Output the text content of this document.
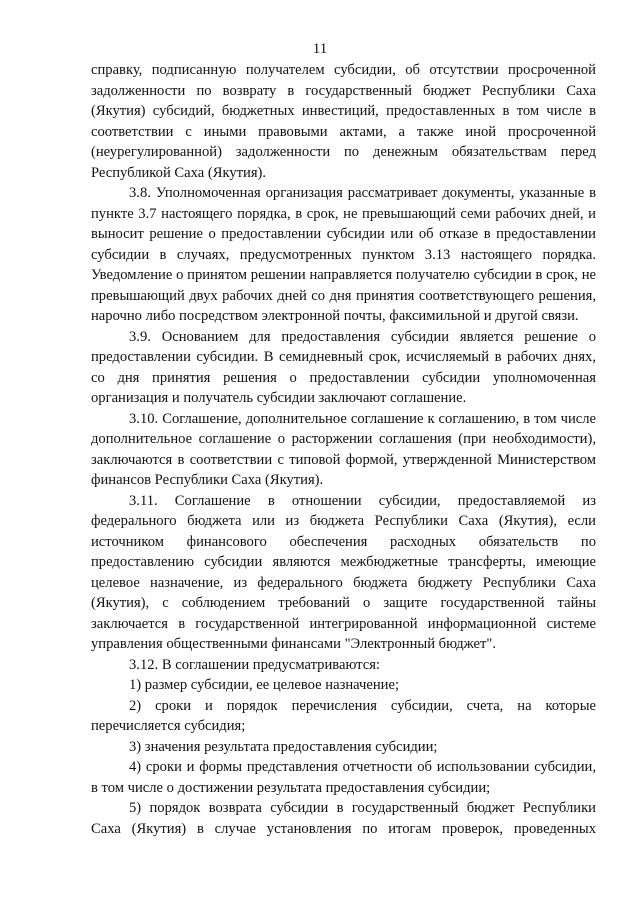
11

справку, подписанную получателем субсидии, об отсутствии просроченной задолженности по возврату в государственный бюджет Республики Саха (Якутия) субсидий, бюджетных инвестиций, предоставленных в том числе в соответствии с иными правовыми актами, а также иной просроченной (неурегулированной) задолженности по денежным обязательствам перед Республикой Саха (Якутия).

3.8. Уполномоченная организация рассматривает документы, указанные в пункте 3.7 настоящего порядка, в срок, не превышающий семи рабочих дней, и выносит решение о предоставлении субсидии или об отказе в предоставлении субсидии в случаях, предусмотренных пунктом 3.13 настоящего порядка. Уведомление о принятом решении направляется получателю субсидии в срок, не превышающий двух рабочих дней со дня принятия соответствующего решения, нарочно либо посредством электронной почты, факсимильной и другой связи.

3.9. Основанием для предоставления субсидии является решение о предоставлении субсидии. В семидневный срок, исчисляемый в рабочих днях, со дня принятия решения о предоставлении субсидии уполномоченная организация и получатель субсидии заключают соглашение.

3.10. Соглашение, дополнительное соглашение к соглашению, в том числе дополнительное соглашение о расторжении соглашения (при необходимости), заключаются в соответствии с типовой формой, утвержденной Министерством финансов Республики Саха (Якутия).

3.11. Соглашение в отношении субсидии, предоставляемой из федерального бюджета или из бюджета Республики Саха (Якутия), если источником финансового обеспечения расходных обязательств по предоставлению субсидии являются межбюджетные трансферты, имеющие целевое назначение, из федерального бюджета бюджету Республики Саха (Якутия), с соблюдением требований о защите государственной тайны заключается в государственной интегрированной информационной системе управления общественными финансами "Электронный бюджет".

3.12. В соглашении предусматриваются:

1) размер субсидии, ее целевое назначение;

2) сроки и порядок перечисления субсидии, счета, на которые перечисляется субсидия;

3) значения результата предоставления субсидии;

4) сроки и формы представления отчетности об использовании субсидии, в том числе о достижении результата предоставления субсидии;

5) порядок возврата субсидии в государственный бюджет Республики Саха (Якутия) в случае установления по итогам проверок, проведенных
